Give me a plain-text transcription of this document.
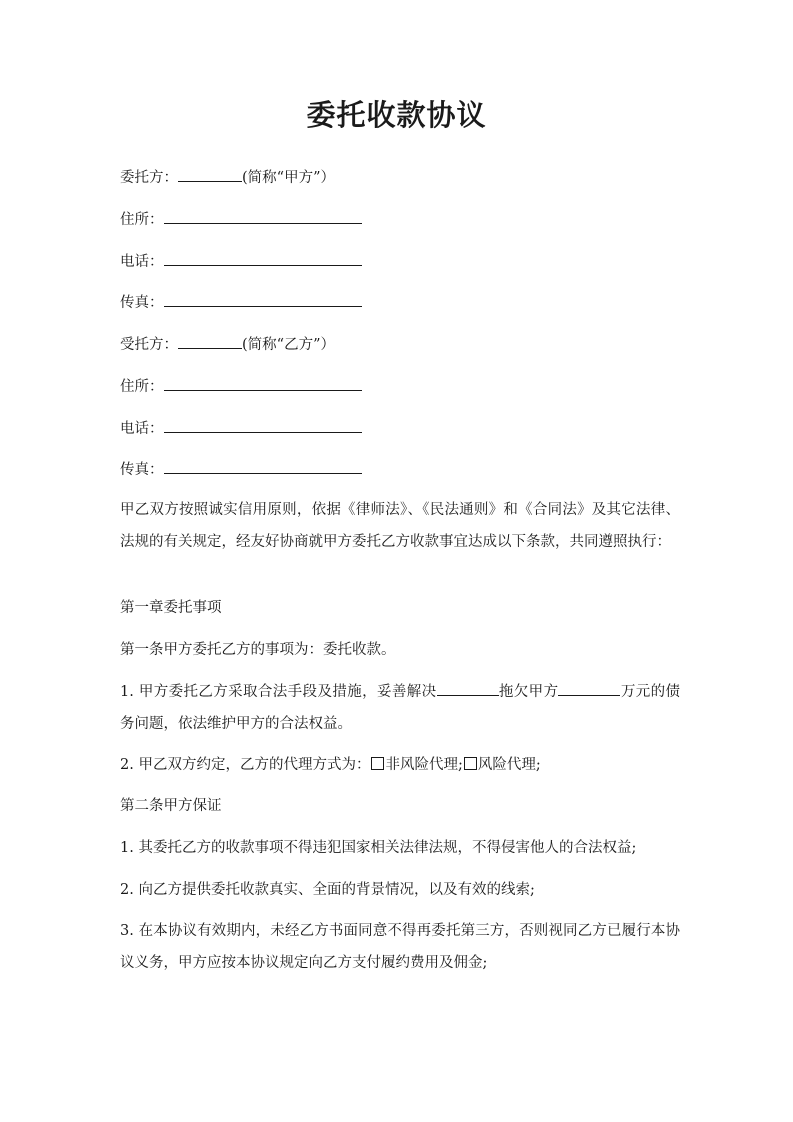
委托收款协议
委托方：	(简称“甲方”）
住所：
电话：
传真：
受托方：	(简称“乙方”）
住所：
电话：
传真：
甲乙双方按照诚实信用原则，依据《律师法》、《民法通则》和《合同法》及其它法律、法规的有关规定，经友好协商就甲方委托乙方收款事宜达成以下条款，共同遵照执行：
第一章委托事项
第一条甲方委托乙方的事项为：委托收款。
1. 甲方委托乙方采取合法手段及措施，妥善解决	拖欠甲方	万元的债务问题，依法维护甲方的合法权益。
2. 甲乙双方约定，乙方的代理方式为： 非风险代理; 风险代理;
第二条甲方保证
1. 其委托乙方的收款事项不得违犯国家相关法律法规，不得侵害他人的合法权益;
2. 向乙方提供委托收款真实、全面的背景情况，以及有效的线索;
3. 在本协议有效期内，未经乙方书面同意不得再委托第三方，否则视同乙方已履行本协议义务，甲方应按本协议规定向乙方支付履约费用及佣金;
